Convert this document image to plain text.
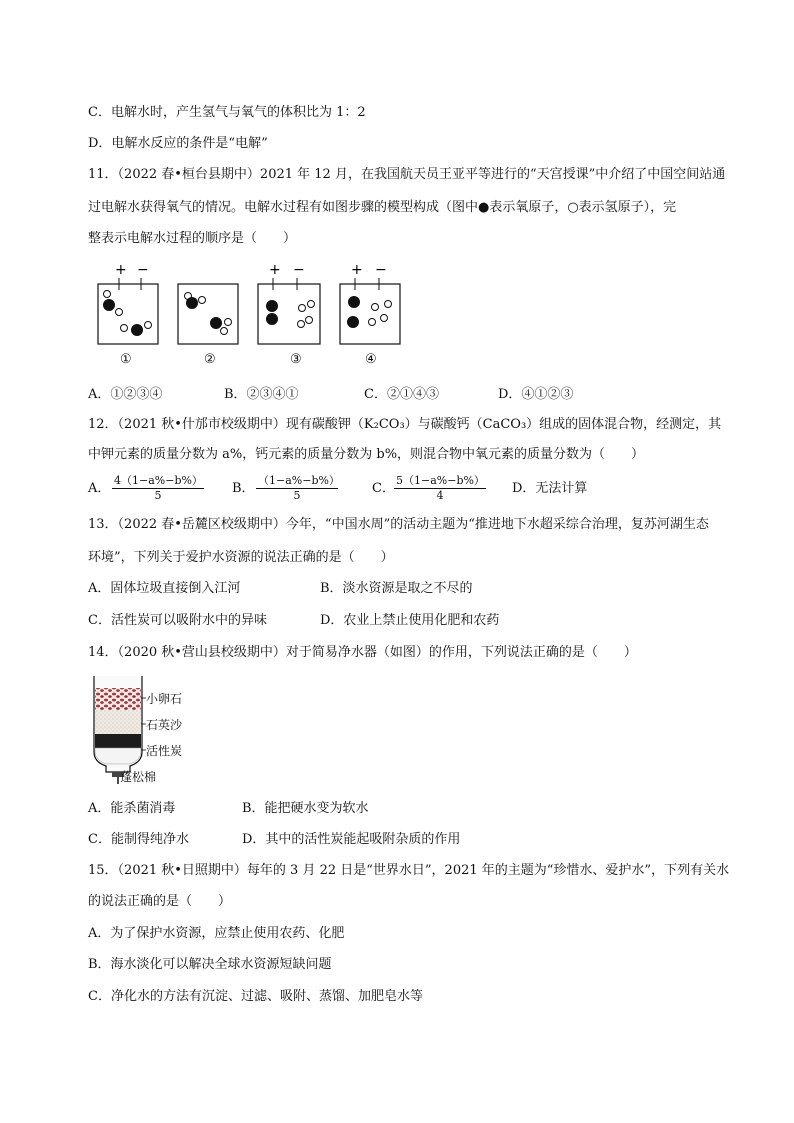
C．电解水时，产生氢气与氧气的体积比为 1：2
D．电解水反应的条件是“电解”
11．（2022 春•桓台县期中）2021 年 12 月，在我国航天员王亚平等进行的“天宫授课”中介绍了中国空间站通
过电解水获得氧气的情况。电解水过程有如图步骤的模型构成（图中●表示氧原子，○表示氢原子），完
整表示电解水过程的顺序是（　　）
+ −	+ −	+ −
①	②	③	④
A．①②③④	B．②③④①	C．②①④③	D．④①②③
12．（2021 秋•什邡市校级期中）现有碳酸钾（K₂CO₃）与碳酸钙（CaCO₃）组成的固体混合物，经测定，其
中钾元素的质量分数为 a%，钙元素的质量分数为 b%，则混合物中氧元素的质量分数为（　　）
A． $\frac{4(1-a\%-b\%)}{5}$ B． $\frac{(1-a\%-b\%)}{5}$	C． $\frac{5(1-a\%-b\%)}{4}$ D．无法计算
13．（2022 春•岳麓区校级期中）今年，“中国水周”的活动主题为“推进地下水超采综合治理，复苏河湖生态
环境”，下列关于爱护水资源的说法正确的是（　　）
A．固体垃圾直接倒入江河	B．淡水资源是取之不尽的
C．活性炭可以吸附水中的异味	D．农业上禁止使用化肥和农药
14．（2020 秋•营山县校级期中）对于简易净水器（如图）的作用，下列说法正确的是（　　）
小卵石
石英沙
活性炭
蓬松棉
A．能杀菌消毒	B．能把硬水变为软水
C．能制得纯净水	D．其中的活性炭能起吸附杂质的作用
15．（2021 秋•日照期中）每年的 3 月 22 日是“世界水日”，2021 年的主题为“珍惜水、爱护水”，下列有关水
的说法正确的是（　　）
A．为了保护水资源，应禁止使用农药、化肥
B．海水淡化可以解决全球水资源短缺问题
C．净化水的方法有沉淀、过滤、吸附、蒸馏、加肥皂水等
